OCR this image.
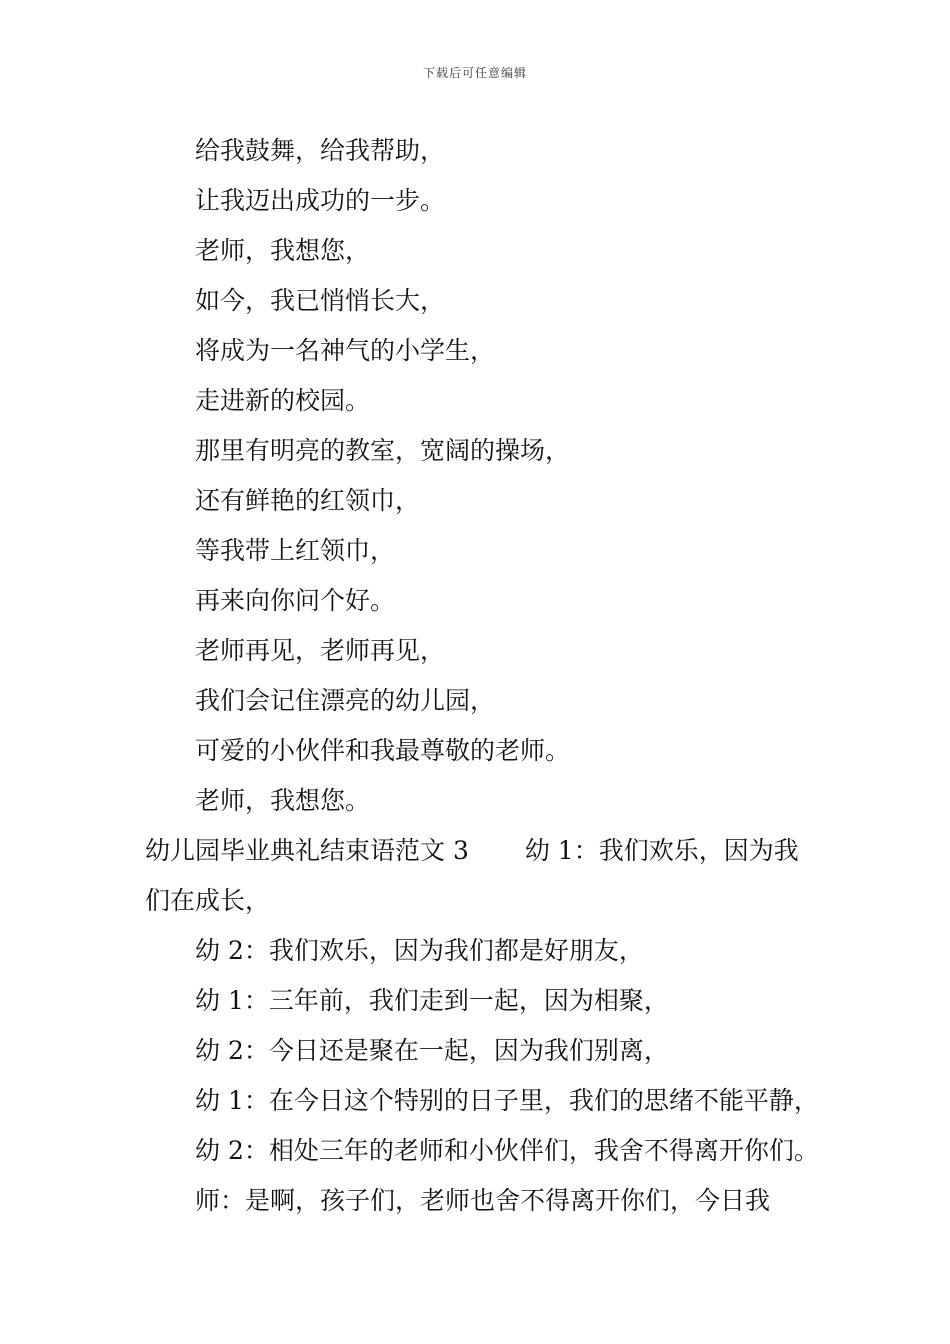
下载后可任意编辑
给我鼓舞，给我帮助，
让我迈出成功的一步。
老师，我想您，
如今，我已悄悄长大，
将成为一名神气的小学生，
走进新的校园。
那里有明亮的教室，宽阔的操场，
还有鲜艳的红领巾，
等我带上红领巾，
再来向你问个好。
老师再见，老师再见，
我们会记住漂亮的幼儿园，
可爱的小伙伴和我最尊敬的老师。
老师，我想您。
幼儿园毕业典礼结束语范文 3 幼 1：我们欢乐，因为我
们在成长，
幼 2：我们欢乐，因为我们都是好朋友，
幼 1：三年前，我们走到一起，因为相聚，
幼 2：今日还是聚在一起，因为我们别离，
幼 1：在今日这个特别的日子里，我们的思绪不能平静，
幼 2：相处三年的老师和小伙伴们，我舍不得离开你们。
师：是啊，孩子们，老师也舍不得离开你们，今日我
